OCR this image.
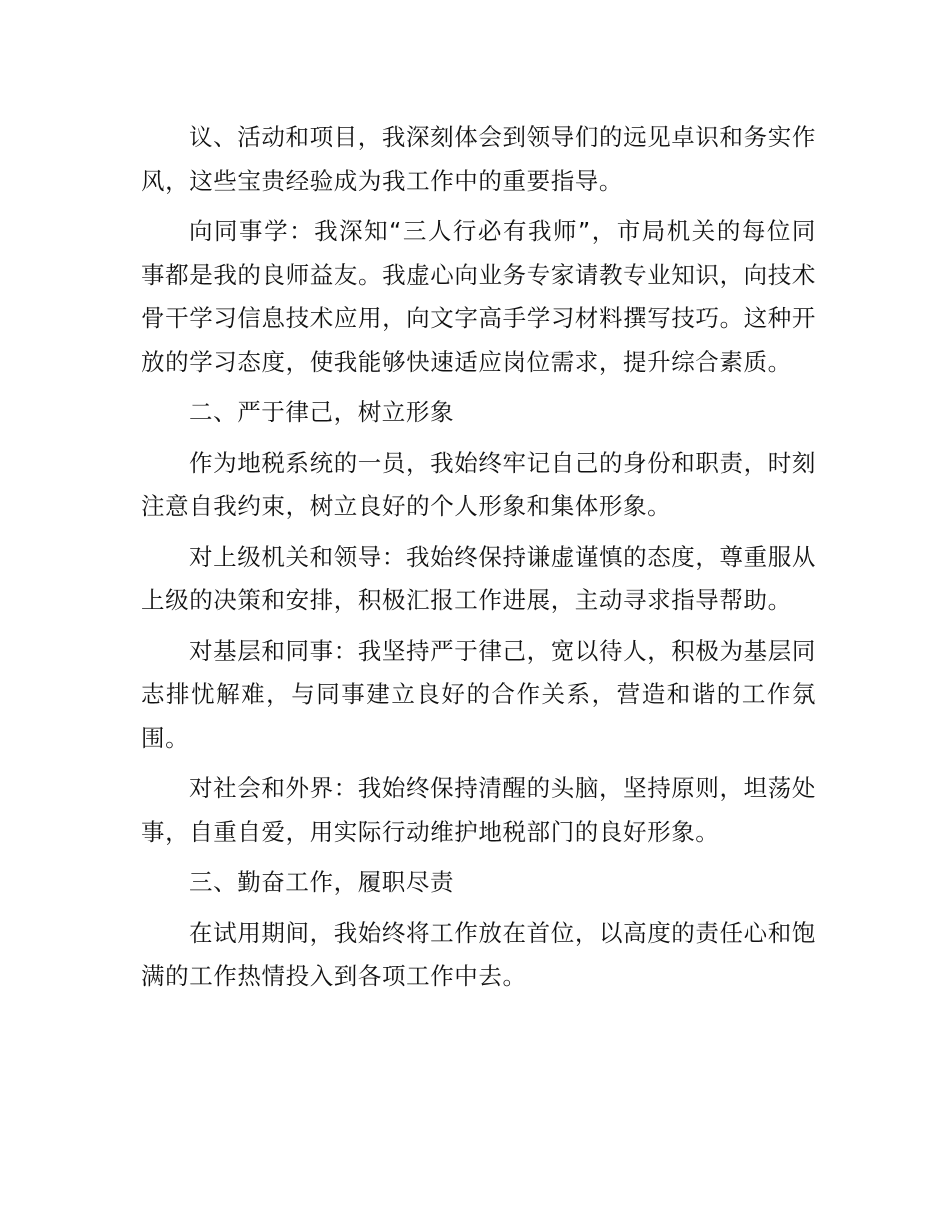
议、活动和项目，我深刻体会到领导们的远见卓识和务实作风，这些宝贵经验成为我工作中的重要指导。

向同事学：我深知“三人行必有我师”，市局机关的每位同事都是我的良师益友。我虚心向业务专家请教专业知识，向技术骨干学习信息技术应用，向文字高手学习材料撰写技巧。这种开放的学习态度，使我能够快速适应岗位需求，提升综合素质。

二、严于律己，树立形象

作为地税系统的一员，我始终牢记自己的身份和职责，时刻注意自我约束，树立良好的个人形象和集体形象。

对上级机关和领导：我始终保持谦虚谨慎的态度，尊重服从上级的决策和安排，积极汇报工作进展，主动寻求指导帮助。

对基层和同事：我坚持严于律己，宽以待人，积极为基层同志排忧解难，与同事建立良好的合作关系，营造和谐的工作氛围。

对社会和外界：我始终保持清醒的头脑，坚持原则，坦荡处事，自重自爱，用实际行动维护地税部门的良好形象。

三、勤奋工作，履职尽责

在试用期间，我始终将工作放在首位，以高度的责任心和饱满的工作热情投入到各项工作中去。
